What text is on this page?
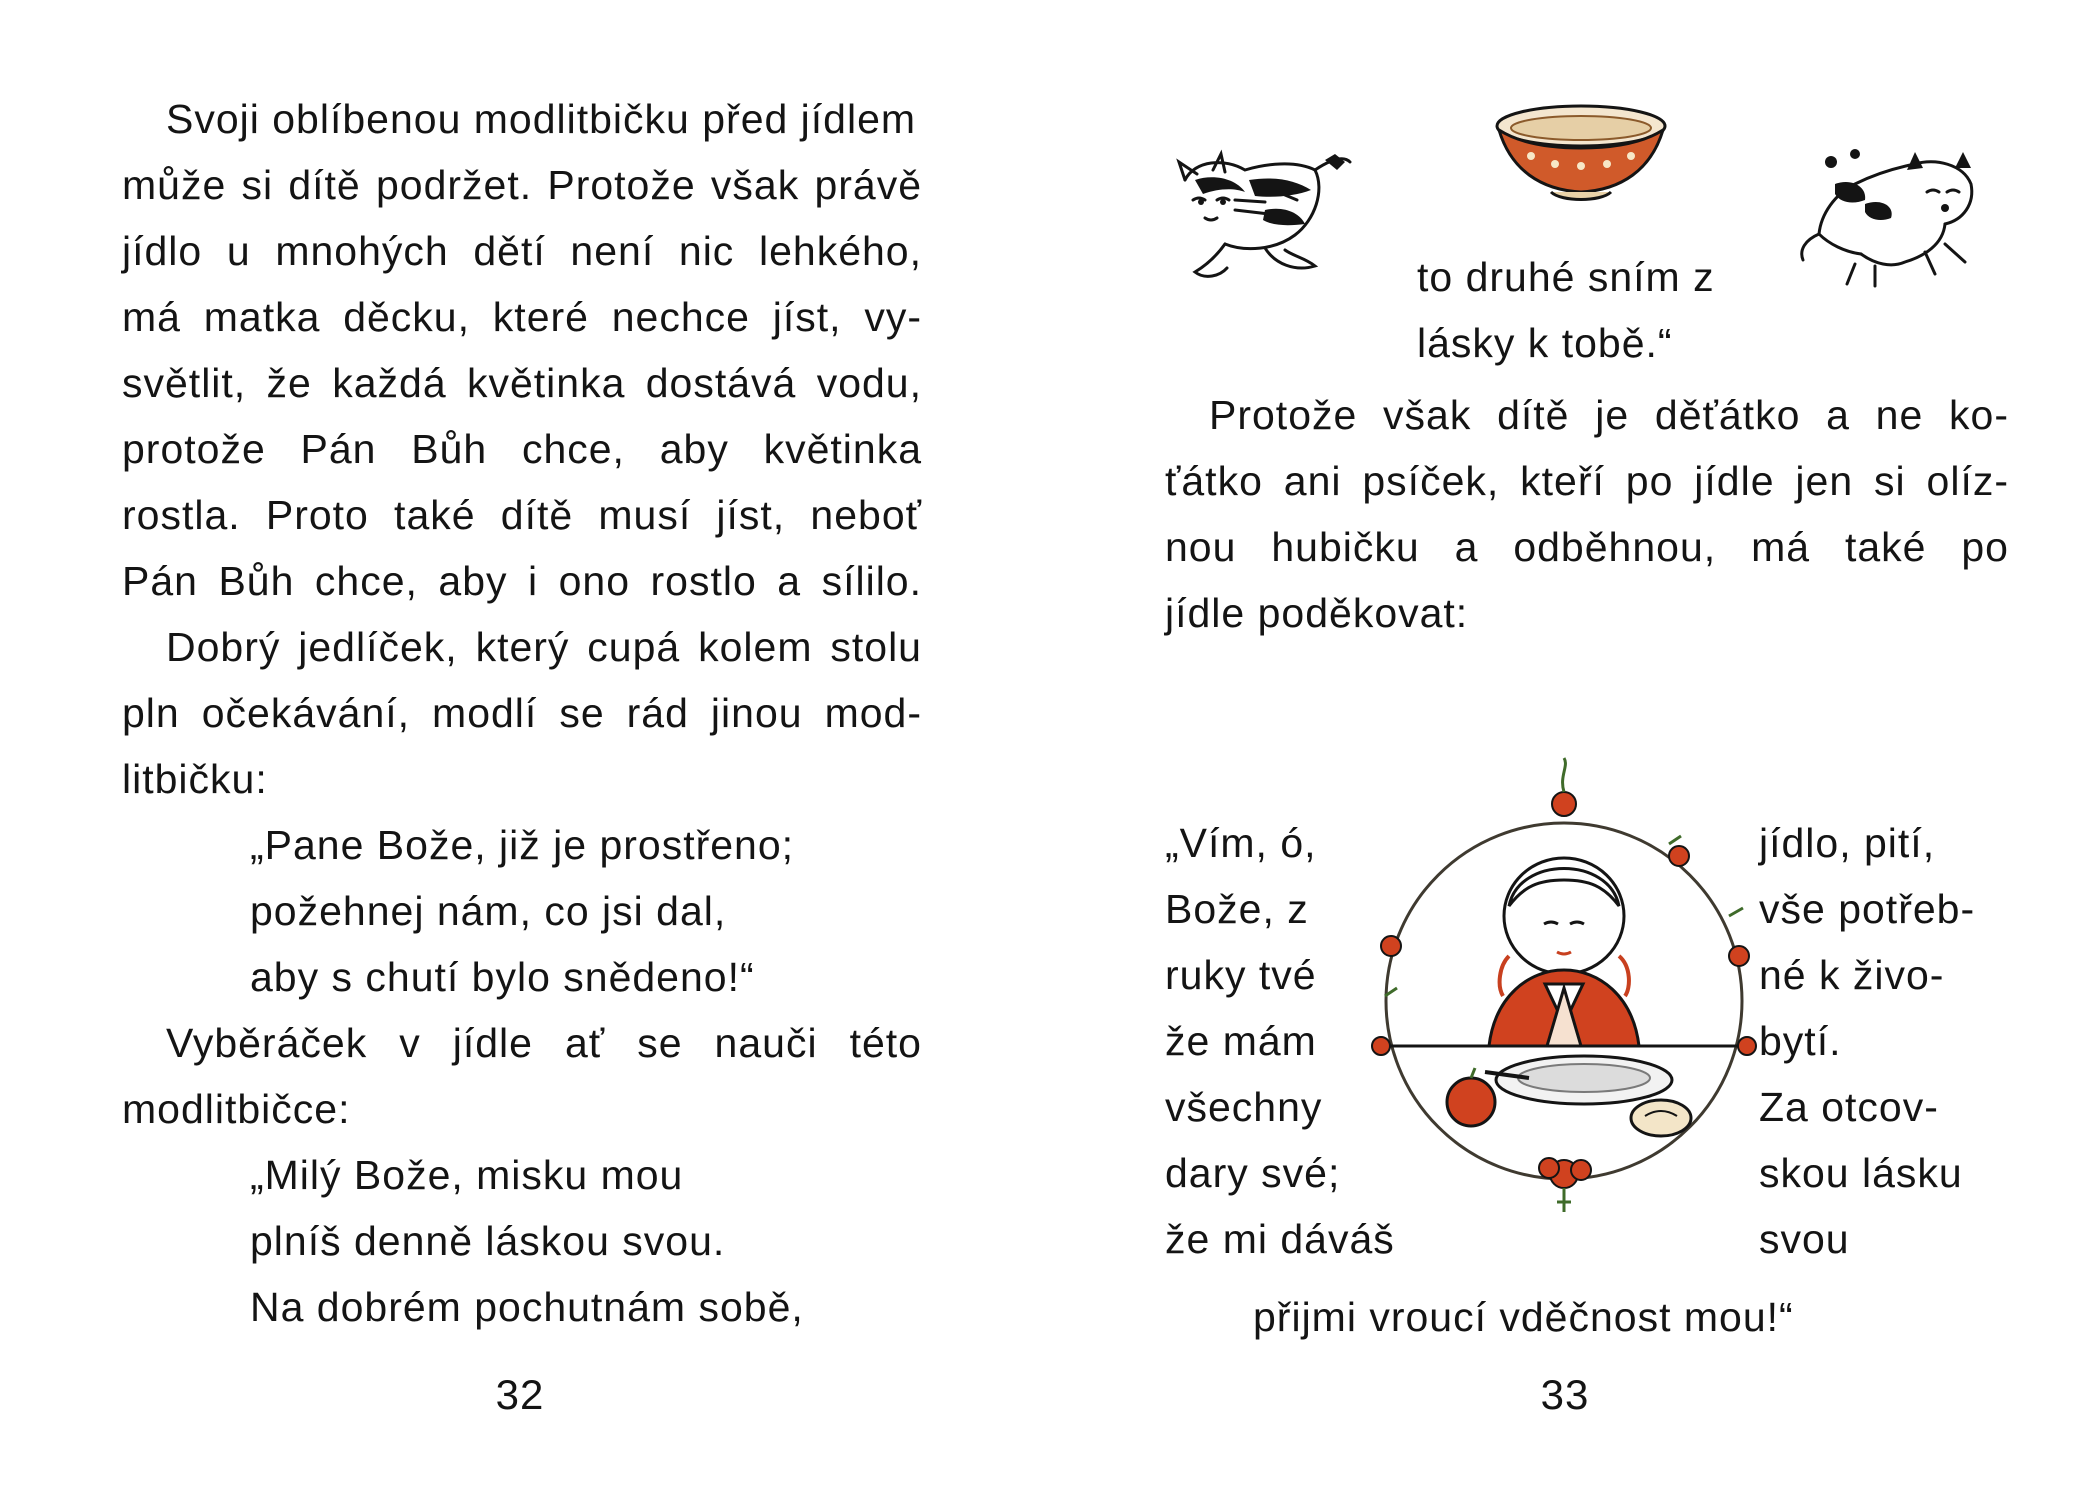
Svoji oblíbenou modlitbičku před jídlem
může si dítě podržet. Protože však právě
jídlo u mnohých dětí není nic lehkého,
má matka děcku, které nechce jíst, vy-
světlit, že každá květinka dostává vodu,
protože Pán Bůh chce, aby květinka
rostla. Proto také dítě musí jíst, neboť
Pán Bůh chce, aby i ono rostlo a sílilo.
Dobrý jedlíček, který cupá kolem stolu
pln očekávání, modlí se rád jinou mod-
litbičku:
„Pane Bože, již je prostřeno;
požehnej nám, co jsi dal,
aby s chutí bylo snědeno!“
Vyběráček v jídle ať se nauči této
modlitbičce:
„Milý Bože, misku mou
plníš denně láskou svou.
Na dobrém pochutnám sobě,
32
to druhé sním z
lásky k tobě.“
Protože však dítě je děťátko a ne ko-
ťátko ani psíček, kteří po jídle jen si olíz-
nou hubičku a odběhnou, má také po
jídle poděkovat:
„Vím, ó,
Bože, z
ruky tvé
že mám
všechny
dary své;
že mi dáváš
jídlo, pití,
vše potřeb-
né k živo-
bytí.
Za otcov-
skou lásku
svou
přijmi vroucí vděčnost mou!“
33
